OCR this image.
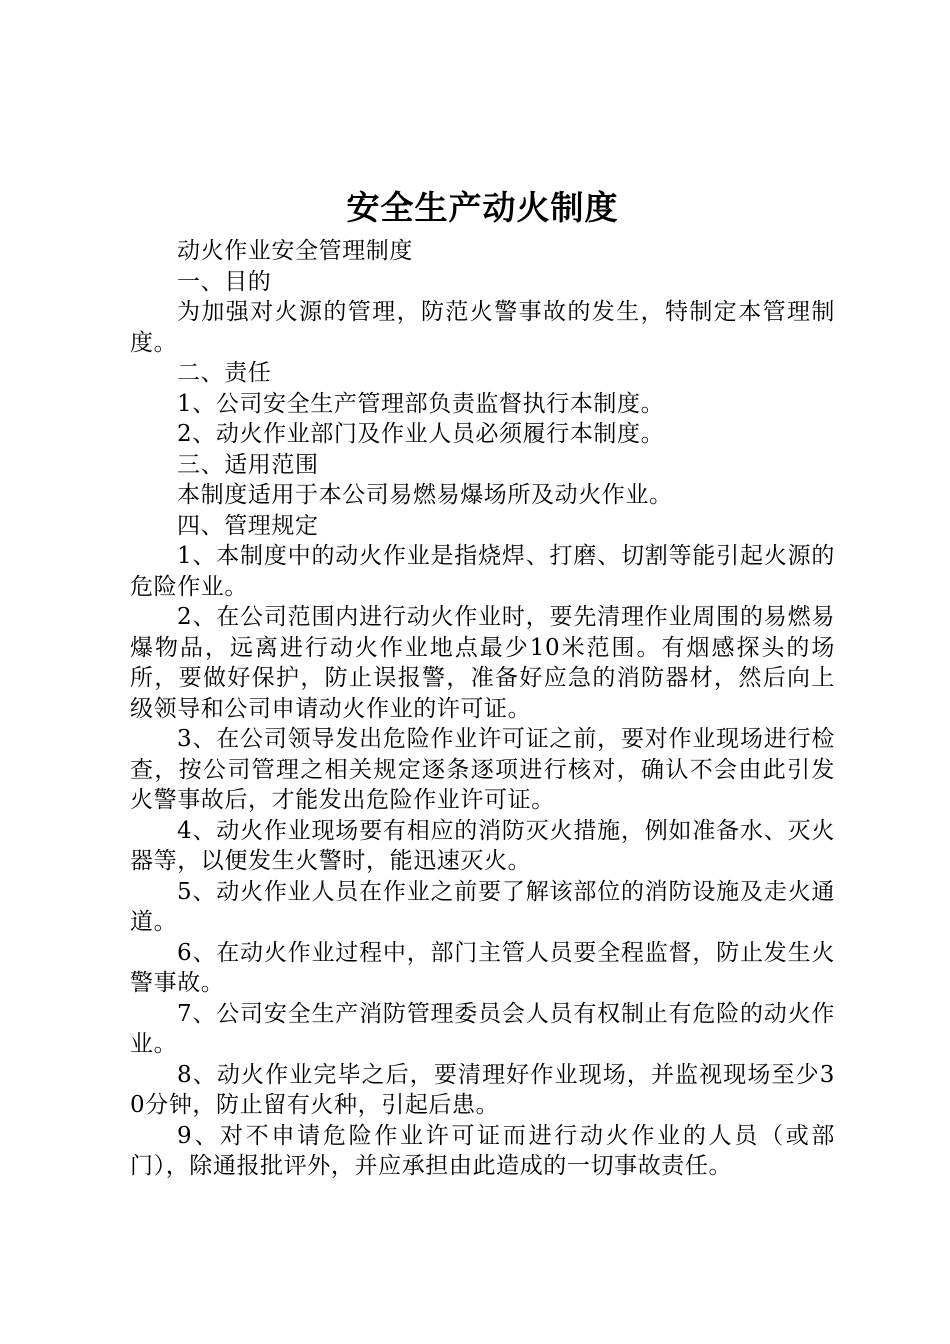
安全生产动火制度

动火作业安全管理制度

一、目的

为加强对火源的管理，防范火警事故的发生，特制定本管理制度。

二、责任

1、公司安全生产管理部负责监督执行本制度。

2、动火作业部门及作业人员必须履行本制度。

三、适用范围

本制度适用于本公司易燃易爆场所及动火作业。

四、管理规定

1、本制度中的动火作业是指烧焊、打磨、切割等能引起火源的危险作业。

2、在公司范围内进行动火作业时，要先清理作业周围的易燃易爆物品，远离进行动火作业地点最少10米范围。有烟感探头的场所，要做好保护，防止误报警，准备好应急的消防器材，然后向上级领导和公司申请动火作业的许可证。

3、在公司领导发出危险作业许可证之前，要对作业现场进行检查，按公司管理之相关规定逐条逐项进行核对，确认不会由此引发火警事故后，才能发出危险作业许可证。

4、动火作业现场要有相应的消防灭火措施，例如准备水、灭火器等，以便发生火警时，能迅速灭火。

5、动火作业人员在作业之前要了解该部位的消防设施及走火通道。

6、在动火作业过程中，部门主管人员要全程监督，防止发生火警事故。

7、公司安全生产消防管理委员会人员有权制止有危险的动火作业。

8、动火作业完毕之后，要清理好作业现场，并监视现场至少30分钟，防止留有火种，引起后患。

9、对不申请危险作业许可证而进行动火作业的人员（或部门），除通报批评外，并应承担由此造成的一切事故责任。
